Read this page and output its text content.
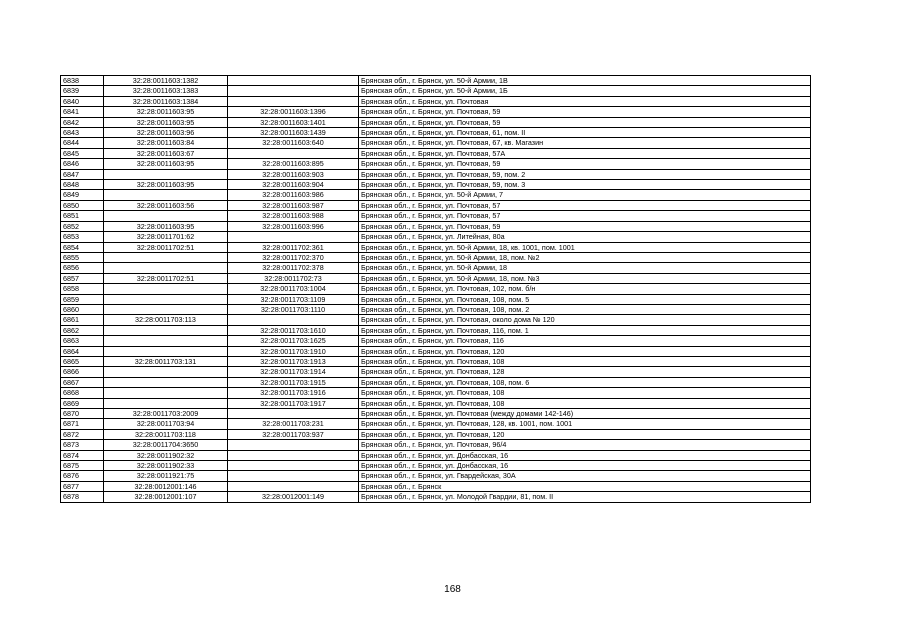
6838	32:28:0011603:1382		Брянская обл., г. Брянск, ул. 50-й Армии, 1В
6839	32:28:0011603:1383		Брянская обл., г. Брянск, ул. 50-й Армии, 1Б
6840	32:28:0011603:1384		Брянская обл., г. Брянск, ул. Почтовая
6841	32:28:0011603:95	32:28:0011603:1396	Брянская обл., г. Брянск, ул. Почтовая, 59
6842	32:28:0011603:95	32:28:0011603:1401	Брянская обл., г. Брянск, ул. Почтовая, 59
6843	32:28:0011603:96	32:28:0011603:1439	Брянская обл., г. Брянск, ул. Почтовая, 61, пом. II
6844	32:28:0011603:84	32:28:0011603:640	Брянская обл., г. Брянск, ул. Почтовая, 67, кв. Магазин
6845	32:28:0011603:67		Брянская обл., г. Брянск, ул. Почтовая, 57А
6846	32:28:0011603:95	32:28:0011603:895	Брянская обл., г. Брянск, ул. Почтовая, 59
6847		32:28:0011603:903	Брянская обл., г. Брянск, ул. Почтовая, 59, пом. 2
6848	32:28:0011603:95	32:28:0011603:904	Брянская обл., г. Брянск, ул. Почтовая, 59, пом. 3
6849		32:28:0011603:986	Брянская обл., г. Брянск, ул. 50-й Армии, 7
6850	32:28:0011603:56	32:28:0011603:987	Брянская обл., г. Брянск, ул. Почтовая, 57
6851		32:28:0011603:988	Брянская обл., г. Брянск, ул. Почтовая, 57
6852	32:28:0011603:95	32:28:0011603:996	Брянская обл., г. Брянск, ул. Почтовая, 59
6853	32:28:0011701:62		Брянская обл., г. Брянск, ул. Литейная, 80а
6854	32:28:0011702:51	32:28:0011702:361	Брянская обл., г. Брянск, ул. 50-й Армии, 18, кв. 1001, пом. 1001
6855		32:28:0011702:370	Брянская обл., г. Брянск, ул. 50-й Армии, 18, пом. №2
6856		32:28:0011702:378	Брянская обл., г. Брянск, ул. 50-й Армии, 18
6857	32:28:0011702:51	32:28:0011702:73	Брянская обл., г. Брянск, ул. 50-й Армии, 18, пом. №3
6858		32:28:0011703:1004	Брянская обл., г. Брянск, ул. Почтовая, 102, пом. б/н
6859		32:28:0011703:1109	Брянская обл., г. Брянск, ул. Почтовая, 108, пом. 5
6860		32:28:0011703:1110	Брянская обл., г. Брянск, ул. Почтовая, 108, пом. 2
6861	32:28:0011703:113		Брянская обл., г. Брянск, ул. Почтовая, около дома № 120
6862		32:28:0011703:1610	Брянская обл., г. Брянск, ул. Почтовая, 116, пом. 1
6863		32:28:0011703:1625	Брянская обл., г. Брянск, ул. Почтовая, 116
6864		32:28:0011703:1910	Брянская обл., г. Брянск, ул. Почтовая, 120
6865	32:28:0011703:131	32:28:0011703:1913	Брянская обл., г. Брянск, ул. Почтовая, 108
6866		32:28:0011703:1914	Брянская обл., г. Брянск, ул. Почтовая, 128
6867		32:28:0011703:1915	Брянская обл., г. Брянск, ул. Почтовая, 108, пом. 6
6868		32:28:0011703:1916	Брянская обл., г. Брянск, ул. Почтовая, 108
6869		32:28:0011703:1917	Брянская обл., г. Брянск, ул. Почтовая, 108
6870	32:28:0011703:2009		Брянская обл., г. Брянск, ул. Почтовая (между домами 142-146)
6871	32:28:0011703:94	32:28:0011703:231	Брянская обл., г. Брянск, ул. Почтовая, 128, кв. 1001, пом. 1001
6872	32:28:0011703:118	32:28:0011703:937	Брянская обл., г. Брянск, ул. Почтовая, 120
6873	32:28:0011704:3650		Брянская обл., г. Брянск, ул. Почтовая, 96/4
6874	32:28:0011902:32		Брянская обл., г. Брянск, ул. Донбасская, 16
6875	32:28:0011902:33		Брянская обл., г. Брянск, ул. Донбасская, 16
6876	32:28:0011921:75		Брянская обл., г. Брянск, ул. Гвардейская, 30А
6877	32:28:0012001:146		Брянская обл., г. Брянск
6878	32:28:0012001:107	32:28:0012001:149	Брянская обл., г. Брянск, ул. Молодой Гвардии, 81, пом. II
168
